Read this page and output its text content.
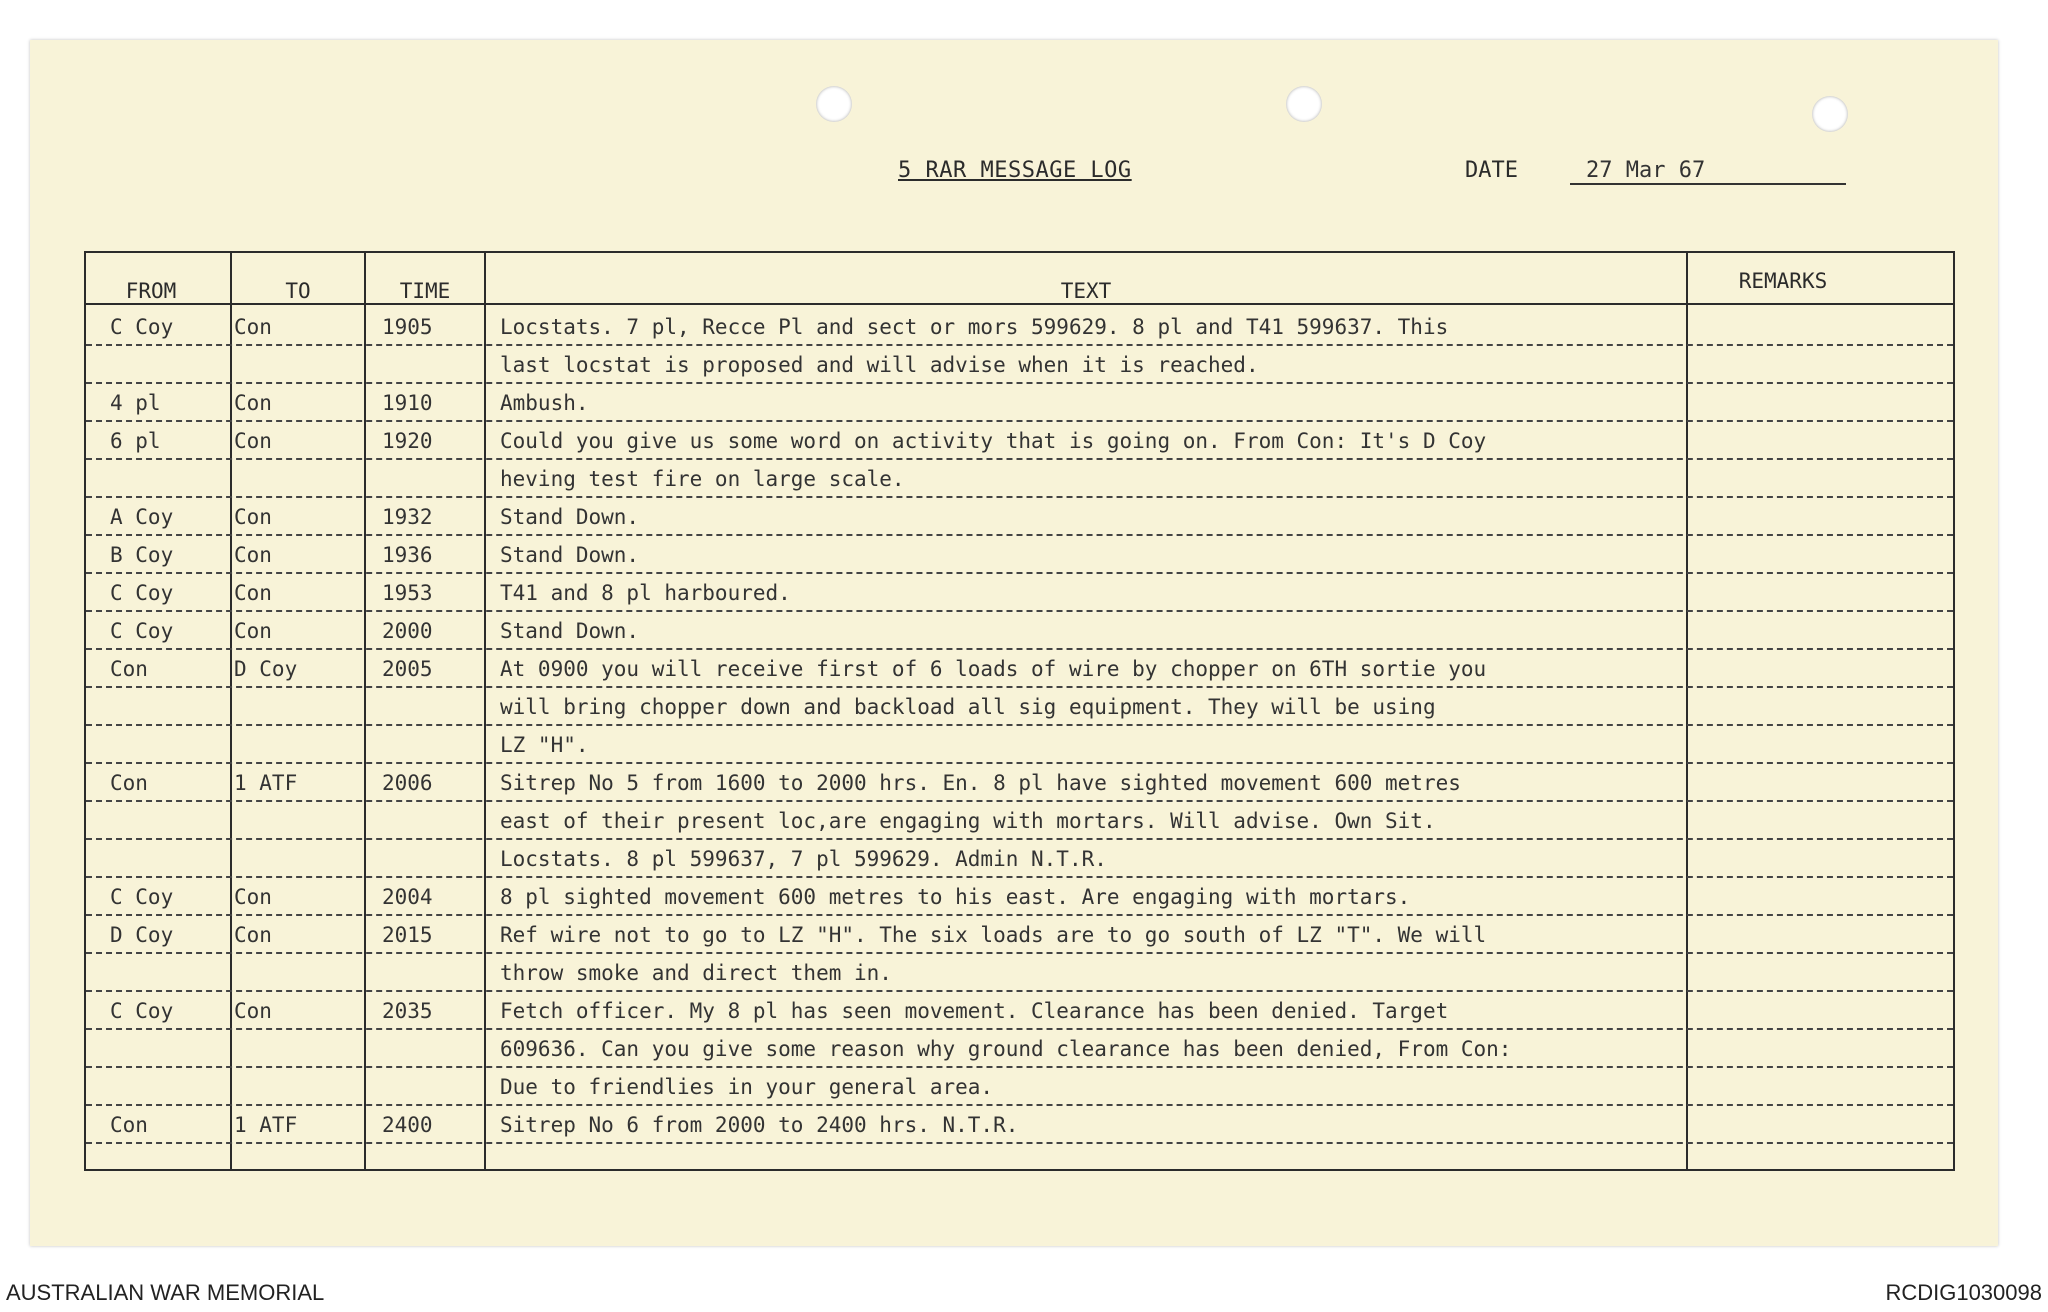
5 RAR MESSAGE LOG	DATE	27 Mar 67
FROM	TO	TIME	TEXT	REMARKS
C Coy	Con	1905	Locstats. 7 pl, Recce Pl and sect or mors 599629. 8 pl and T41 599637. This
last locstat is proposed and will advise when it is reached.
4 pl	Con	1910	Ambush.
6 pl	Con	1920	Could you give us some word on activity that is going on. From Con: It's D Coy
heving test fire on large scale.
A Coy	Con	1932	Stand Down.
B Coy	Con	1936	Stand Down.
C Coy	Con	1953	T41 and 8 pl harboured.
C Coy	Con	2000	Stand Down.
Con	D Coy	2005	At 0900 you will receive first of 6 loads of wire by chopper on 6TH sortie you
will bring chopper down and backload all sig equipment. They will be using
LZ "H".
Con	1 ATF	2006	Sitrep No 5 from 1600 to 2000 hrs. En. 8 pl have sighted movement 600 metres
east of their present loc,are engaging with mortars. Will advise. Own Sit.
Locstats. 8 pl 599637, 7 pl 599629. Admin N.T.R.
C Coy	Con	2004	8 pl sighted movement 600 metres to his east. Are engaging with mortars.
D Coy	Con	2015	Ref wire not to go to LZ "H". The six loads are to go south of LZ "T". We will
throw smoke and direct them in.
C Coy	Con	2035	Fetch officer. My 8 pl has seen movement. Clearance has been denied. Target
609636. Can you give some reason why ground clearance has been denied, From Con:
Due to friendlies in your general area.
Con	1 ATF	2400	Sitrep No 6 from 2000 to 2400 hrs. N.T.R.
AUSTRALIAN WAR MEMORIAL	RCDIG1030098
